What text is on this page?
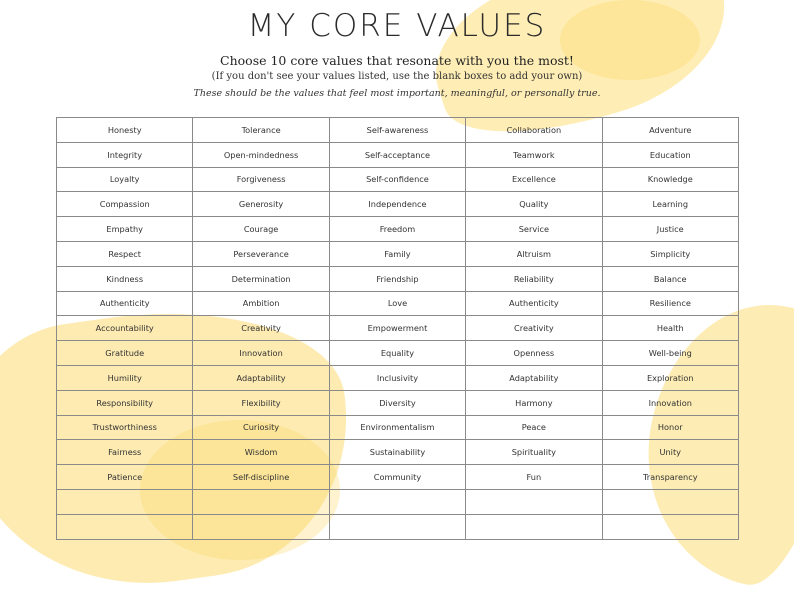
MY CORE VALUES
Choose 10 core values that resonate with you the most!
(If you don't see your values listed, use the blank boxes to add your own)
These should be the values that feel most important, meaningful, or personally true.
Honesty	Tolerance	Self-awareness	Collaboration	Adventure
Integrity	Open-mindedness	Self-acceptance	Teamwork	Education
Loyalty	Forgiveness	Self-confidence	Excellence	Knowledge
Compassion	Generosity	Independence	Quality	Learning
Empathy	Courage	Freedom	Service	Justice
Respect	Perseverance	Family	Altruism	Simplicity
Kindness	Determination	Friendship	Reliability	Balance
Authenticity	Ambition	Love	Authenticity	Resilience
Accountability	Creativity	Empowerment	Creativity	Health
Gratitude	Innovation	Equality	Openness	Well-being
Humility	Adaptability	Inclusivity	Adaptability	Exploration
Responsibility	Flexibility	Diversity	Harmony	Innovation
Trustworthiness	Curiosity	Environmentalism	Peace	Honor
Fairness	Wisdom	Sustainability	Spirituality	Unity
Patience	Self-discipline	Community	Fun	Transparency
